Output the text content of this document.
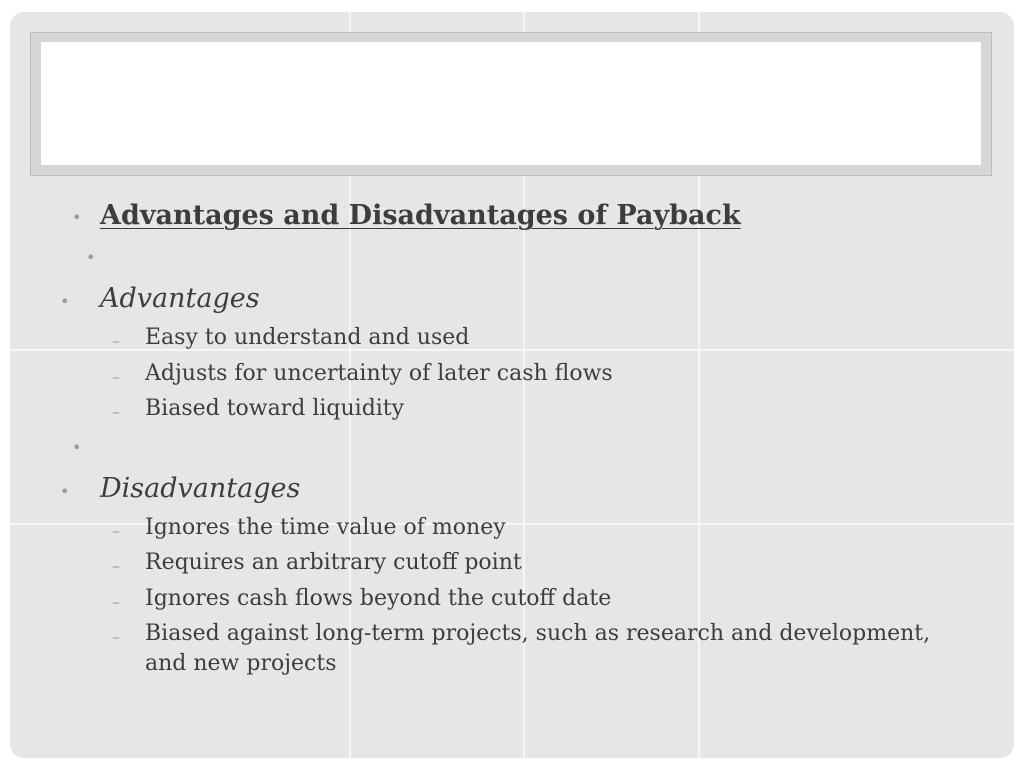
• Advantages and Disadvantages of Payback
•
• Advantages
– Easy to understand and used
– Adjusts for uncertainty of later cash flows
– Biased toward liquidity
•
• Disadvantages
– Ignores the time value of money
– Requires an arbitrary cutoff point
– Ignores cash flows beyond the cutoff date
– Biased against long-term projects, such as research and development, and new projects
